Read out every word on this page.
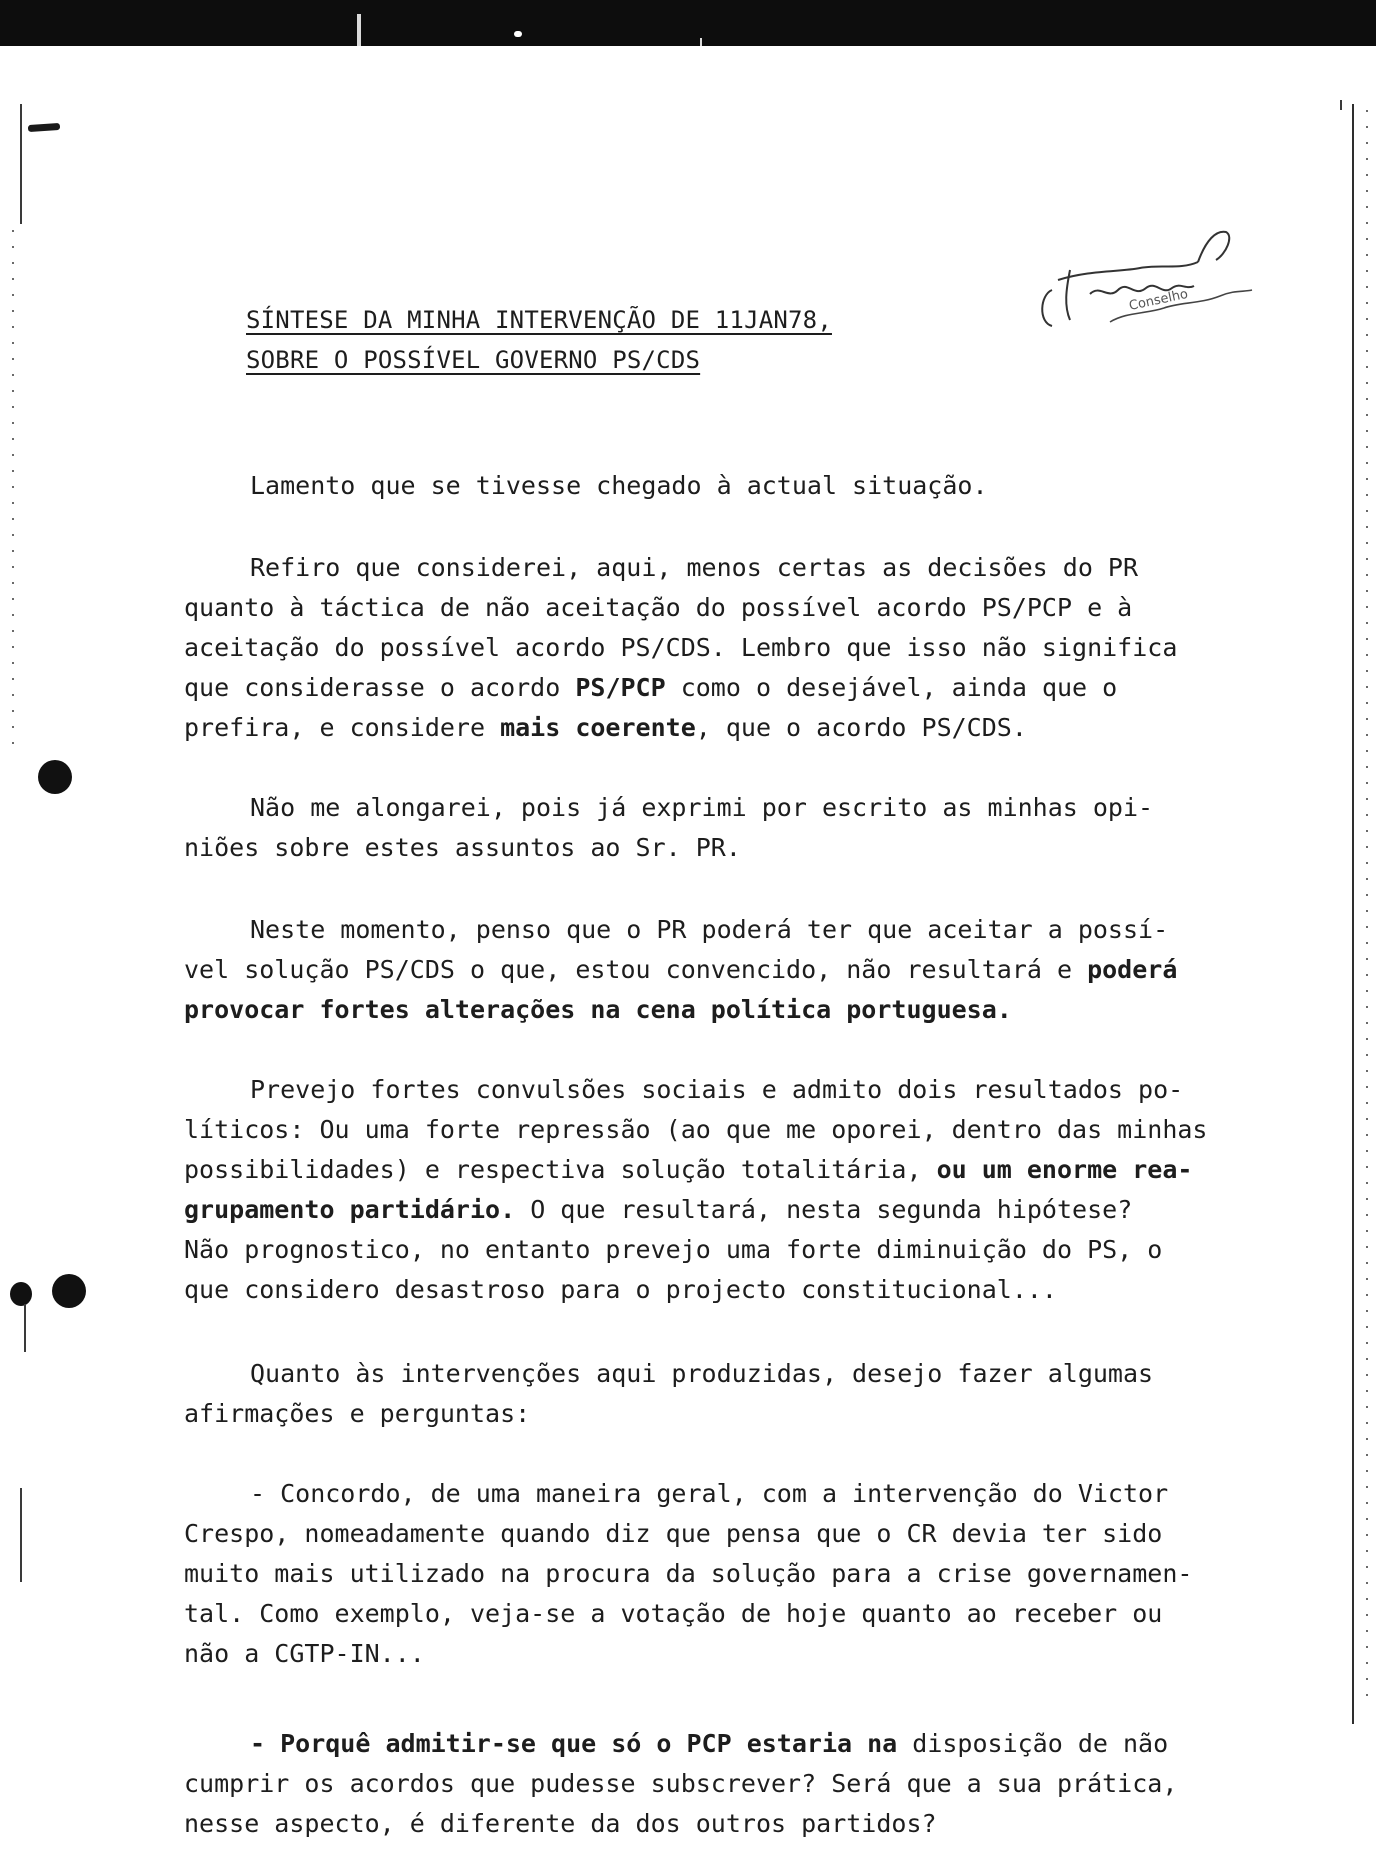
Conselho
SÍNTESE DA MINHA INTERVENÇÃO DE 11JAN78,
SOBRE O POSSÍVEL GOVERNO PS/CDS
Lamento que se tivesse chegado à actual situação.
Refiro que considerei, aqui, menos certas as decisões do PR
quanto à táctica de não aceitação do possível acordo PS/PCP e à
aceitação do possível acordo PS/CDS. Lembro que isso não significa
que considerasse o acordo PS/PCP como o desejável, ainda que o
prefira, e considere mais coerente, que o acordo PS/CDS.
Não me alongarei, pois já exprimi por escrito as minhas opi-
niões sobre estes assuntos ao Sr. PR.
Neste momento, penso que o PR poderá ter que aceitar a possí-
vel solução PS/CDS o que, estou convencido, não resultará e poderá
provocar fortes alterações na cena política portuguesa.
Prevejo fortes convulsões sociais e admito dois resultados po-
líticos: Ou uma forte repressão (ao que me oporei, dentro das minhas
possibilidades) e respectiva solução totalitária, ou um enorme rea-
grupamento partidário. O que resultará, nesta segunda hipótese?
Não prognostico, no entanto prevejo uma forte diminuição do PS, o
que considero desastroso para o projecto constitucional...
Quanto às intervenções aqui produzidas, desejo fazer algumas
afirmações e perguntas:
- Concordo, de uma maneira geral, com a intervenção do Victor
Crespo, nomeadamente quando diz que pensa que o CR devia ter sido
muito mais utilizado na procura da solução para a crise governamen-
tal. Como exemplo, veja-se a votação de hoje quanto ao receber ou
não a CGTP-IN...
- Porquê admitir-se que só o PCP estaria na disposição de não
cumprir os acordos que pudesse subscrever? Será que a sua prática,
nesse aspecto, é diferente da dos outros partidos?
